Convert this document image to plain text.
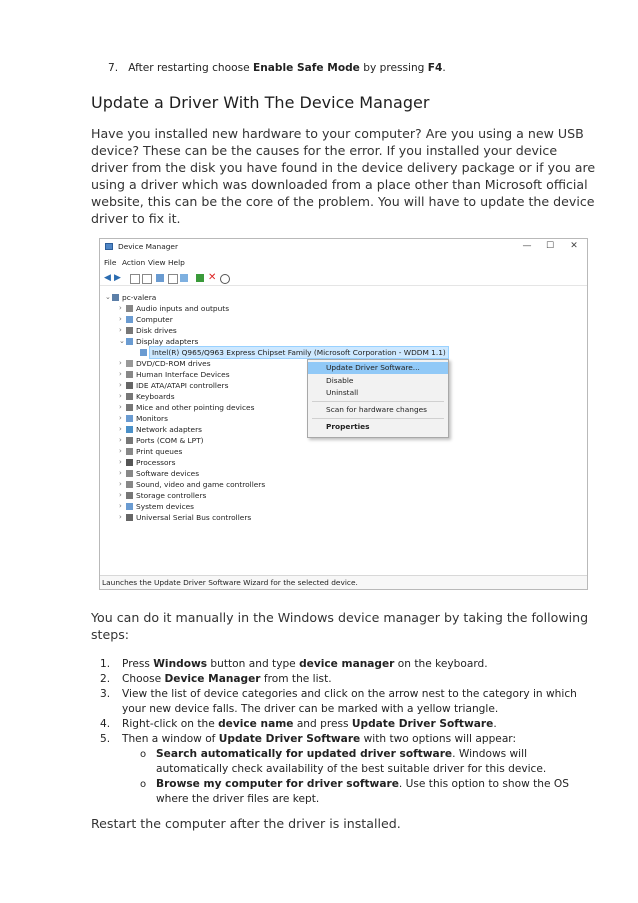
7. After restarting choose Enable Safe Mode by pressing F4.
Update a Driver With The Device Manager
Have you installed new hardware to your computer? Are you using a new USB device? These can be the causes for the error. If you installed your device driver from the disk you have found in the device delivery package or if you are using a driver which was downloaded from a place other than Microsoft official website, this can be the core of the problem. You will have to update the device driver to fix it.
Device Manager	—	☐	✕
File Action View Help
◀ ▶	✕
⌄ pc-valera
› Audio inputs and outputs
› Computer
› Disk drives
⌄ Display adapters
Intel(R) Q965/Q963 Express Chipset Family (Microsoft Corporation - WDDM 1.1)
› DVD/CD-ROM drives
› Human Interface Devices
› IDE ATA/ATAPI controllers
› Keyboards
› Mice and other pointing devices
› Monitors
› Network adapters
› Ports (COM & LPT)
› Print queues
› Processors
› Software devices
› Sound, video and game controllers
› Storage controllers
› System devices
› Universal Serial Bus controllers
Update Driver Software...
Disable
Uninstall
Scan for hardware changes
Properties
Launches the Update Driver Software Wizard for the selected device.
You can do it manually in the Windows device manager by taking the following steps:
1. Press Windows button and type device manager on the keyboard.
2. Choose Device Manager from the list.
3. View the list of device categories and click on the arrow nest to the category in which your new device falls. The driver can be marked with a yellow triangle.
4. Right-click on the device name and press Update Driver Software.
5. Then a window of Update Driver Software with two options will appear:
o Search automatically for updated driver software. Windows will automatically check availability of the best suitable driver for this device.
o Browse my computer for driver software. Use this option to show the OS where the driver files are kept.
Restart the computer after the driver is installed.
